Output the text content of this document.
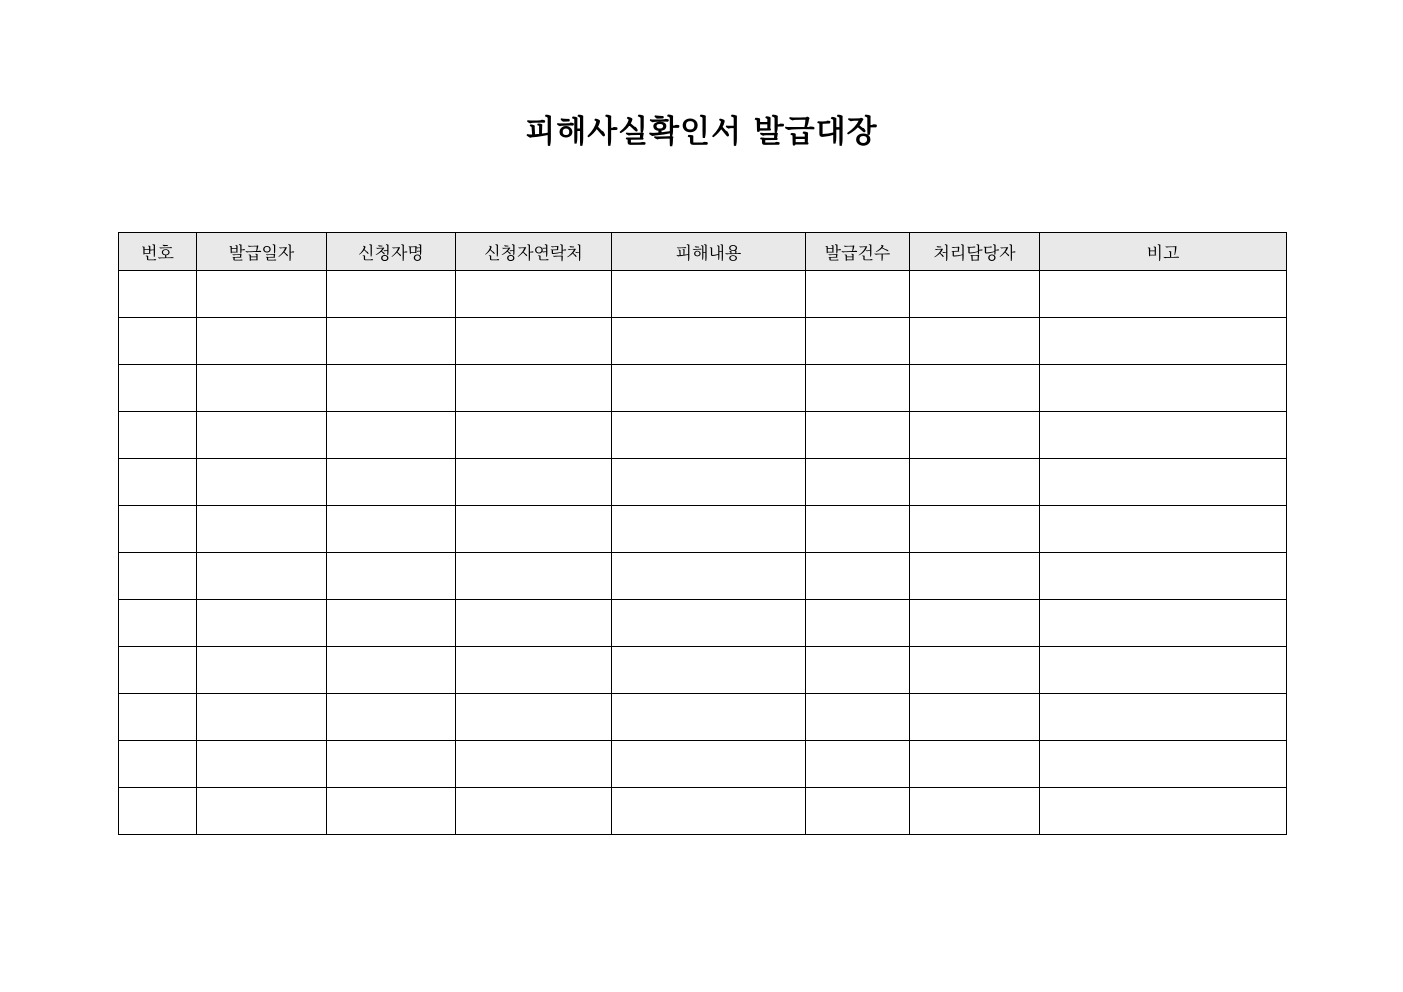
피해사실확인서 발급대장
번호	발급일자	신청자명	신청자연락처	피해내용	발급건수	처리담당자	비고
